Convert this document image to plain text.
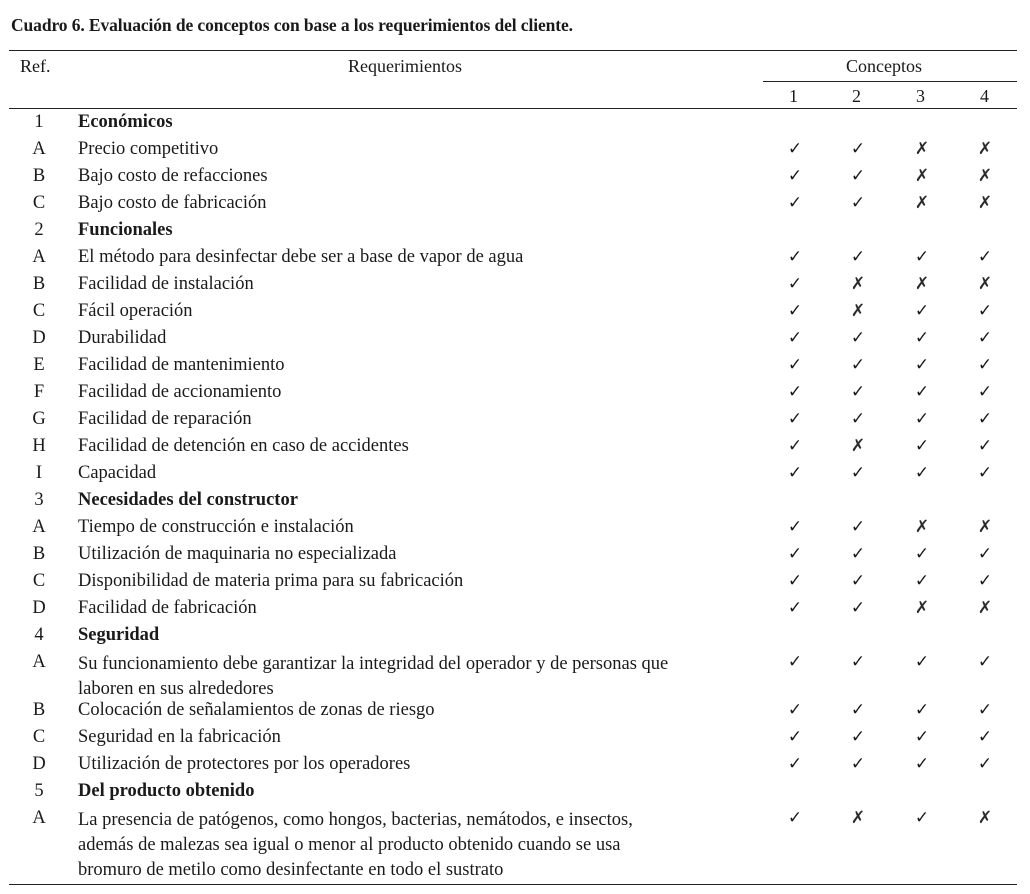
Cuadro 6. Evaluación de conceptos con base a los requerimientos del cliente.
Ref.	Requerimientos	Conceptos
1	2	3	4
1	Económicos
A	Precio competitivo	✓	✓	✗	✗
B	Bajo costo de refacciones	✓	✓	✗	✗
C	Bajo costo de fabricación	✓	✓	✗	✗
2	Funcionales
A	El método para desinfectar debe ser a base de vapor de agua	✓	✓	✓	✓
B	Facilidad de instalación	✓	✗	✗	✗
C	Fácil operación	✓	✗	✓	✓
D	Durabilidad	✓	✓	✓	✓
E	Facilidad de mantenimiento	✓	✓	✓	✓
F	Facilidad de accionamiento	✓	✓	✓	✓
G	Facilidad de reparación	✓	✓	✓	✓
H	Facilidad de detención en caso de accidentes	✓	✗	✓	✓
I	Capacidad	✓	✓	✓	✓
3	Necesidades del constructor
A	Tiempo de construcción e instalación	✓	✓	✗	✗
B	Utilización de maquinaria no especializada	✓	✓	✓	✓
C	Disponibilidad de materia prima para su fabricación	✓	✓	✓	✓
D	Facilidad de fabricación	✓	✓	✗	✗
4	Seguridad
A	Su funcionamiento debe garantizar la integridad del operador y de personas que
laboren en sus alrededores
✓	✓	✓	✓
B	Colocación de señalamientos de zonas de riesgo	✓	✓	✓	✓
C	Seguridad en la fabricación	✓	✓	✓	✓
D	Utilización de protectores por los operadores	✓	✓	✓	✓
5	Del producto obtenido
A	La presencia de patógenos, como hongos, bacterias, nemátodos, e insectos,
además de malezas sea igual o menor al producto obtenido cuando se usa
bromuro de metilo como desinfectante en todo el sustrato
✓	✗	✓	✗
